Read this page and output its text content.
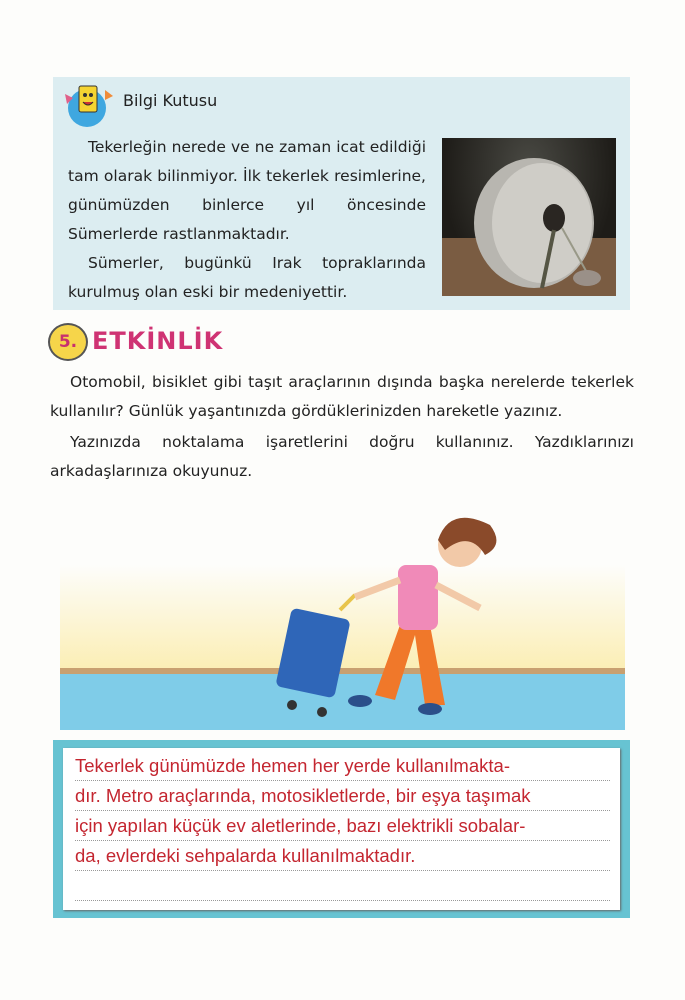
Bilgi Kutusu

Tekerleğin nerede ve ne zaman icat edildiği tam olarak bilinmiyor. İlk tekerlek resimlerine, günümüzden binlerce yıl öncesinde Sümerlerde rastlanmaktadır.

Sümerler, bugünkü Irak topraklarında kurulmuş olan eski bir medeniyettir.

5. ETKİNLİK

Otomobil, bisiklet gibi taşıt araçlarının dışında başka nerelerde tekerlek kullanılır? Günlük yaşantınızda gördüklerinizden hareketle yazınız.

Yazınızda noktalama işaretlerini doğru kullanınız. Yazdıklarınızı arkadaşlarınıza okuyunuz.

Tekerlek günümüzde hemen her yerde kullanılmakta-
dır. Metro araçlarında, motosikletlerde, bir eşya taşımak
için yapılan küçük ev aletlerinde, bazı elektrikli sobalar-
da, evlerdeki sehpalarda kullanılmaktadır.
